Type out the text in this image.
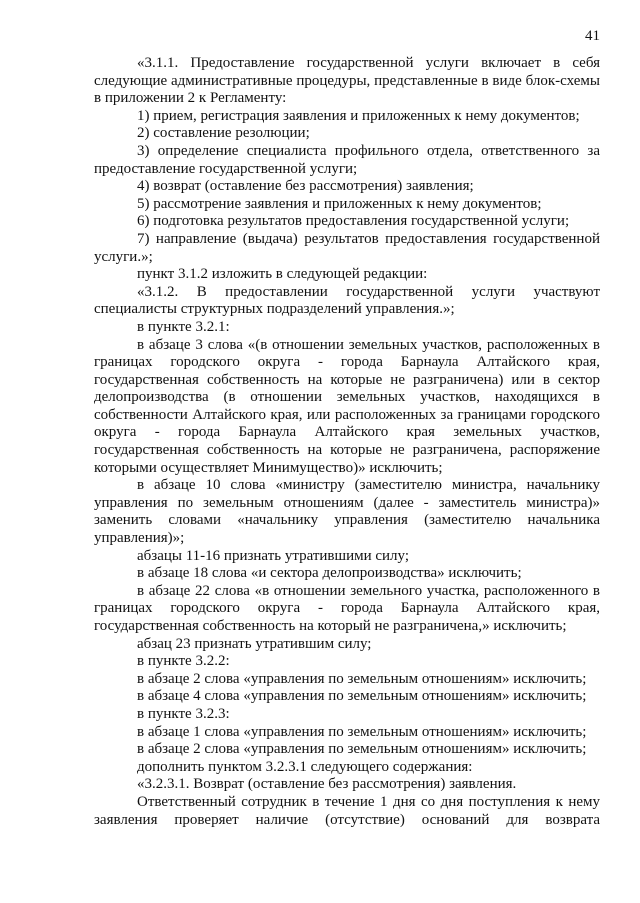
41

«3.1.1. Предоставление государственной услуги включает в себя следующие административные процедуры, представленные в виде блок-схемы в приложении 2 к Регламенту:

1) прием, регистрация заявления и приложенных к нему документов;

2) составление резолюции;

3) определение специалиста профильного отдела, ответственного за предоставление государственной услуги;

4) возврат (оставление без рассмотрения) заявления;

5) рассмотрение заявления и приложенных к нему документов;

6) подготовка результатов предоставления государственной услуги;

7) направление (выдача) результатов предоставления государственной услуги.»;

пункт 3.1.2 изложить в следующей редакции:

«3.1.2. В предоставлении государственной услуги участвуют специалисты структурных подразделений управления.»;

в пункте 3.2.1:

в абзаце 3 слова «(в отношении земельных участков, расположенных в границах городского округа - города Барнаула Алтайского края, государственная собственность на которые не разграничена) или в сектор делопроизводства (в отношении земельных участков, находящихся в собственности Алтайского края, или расположенных за границами городского округа - города Барнаула Алтайского края земельных участков, государственная собственность на которые не разграничена, распоряжение которыми осуществляет Минимущество)» исключить;

в абзаце 10 слова «министру (заместителю министра, начальнику управления по земельным отношениям (далее - заместитель министра)» заменить словами «начальнику управления (заместителю начальника управления)»;

абзацы 11-16 признать утратившими силу;

в абзаце 18 слова «и сектора делопроизводства» исключить;

в абзаце 22 слова «в отношении земельного участка, расположенного в границах городского округа - города Барнаула Алтайского края, государственная собственность на который не разграничена,» исключить;

абзац 23 признать утратившим силу;

в пункте 3.2.2:

в абзаце 2 слова «управления по земельным отношениям» исключить;

в абзаце 4 слова «управления по земельным отношениям» исключить;

в пункте 3.2.3:

в абзаце 1 слова «управления по земельным отношениям» исключить;

в абзаце 2 слова «управления по земельным отношениям» исключить;

дополнить пунктом 3.2.3.1 следующего содержания:

«3.2.3.1. Возврат (оставление без рассмотрения) заявления.

Ответственный сотрудник в течение 1 дня со дня поступления к нему заявления проверяет наличие (отсутствие) оснований для возврата
